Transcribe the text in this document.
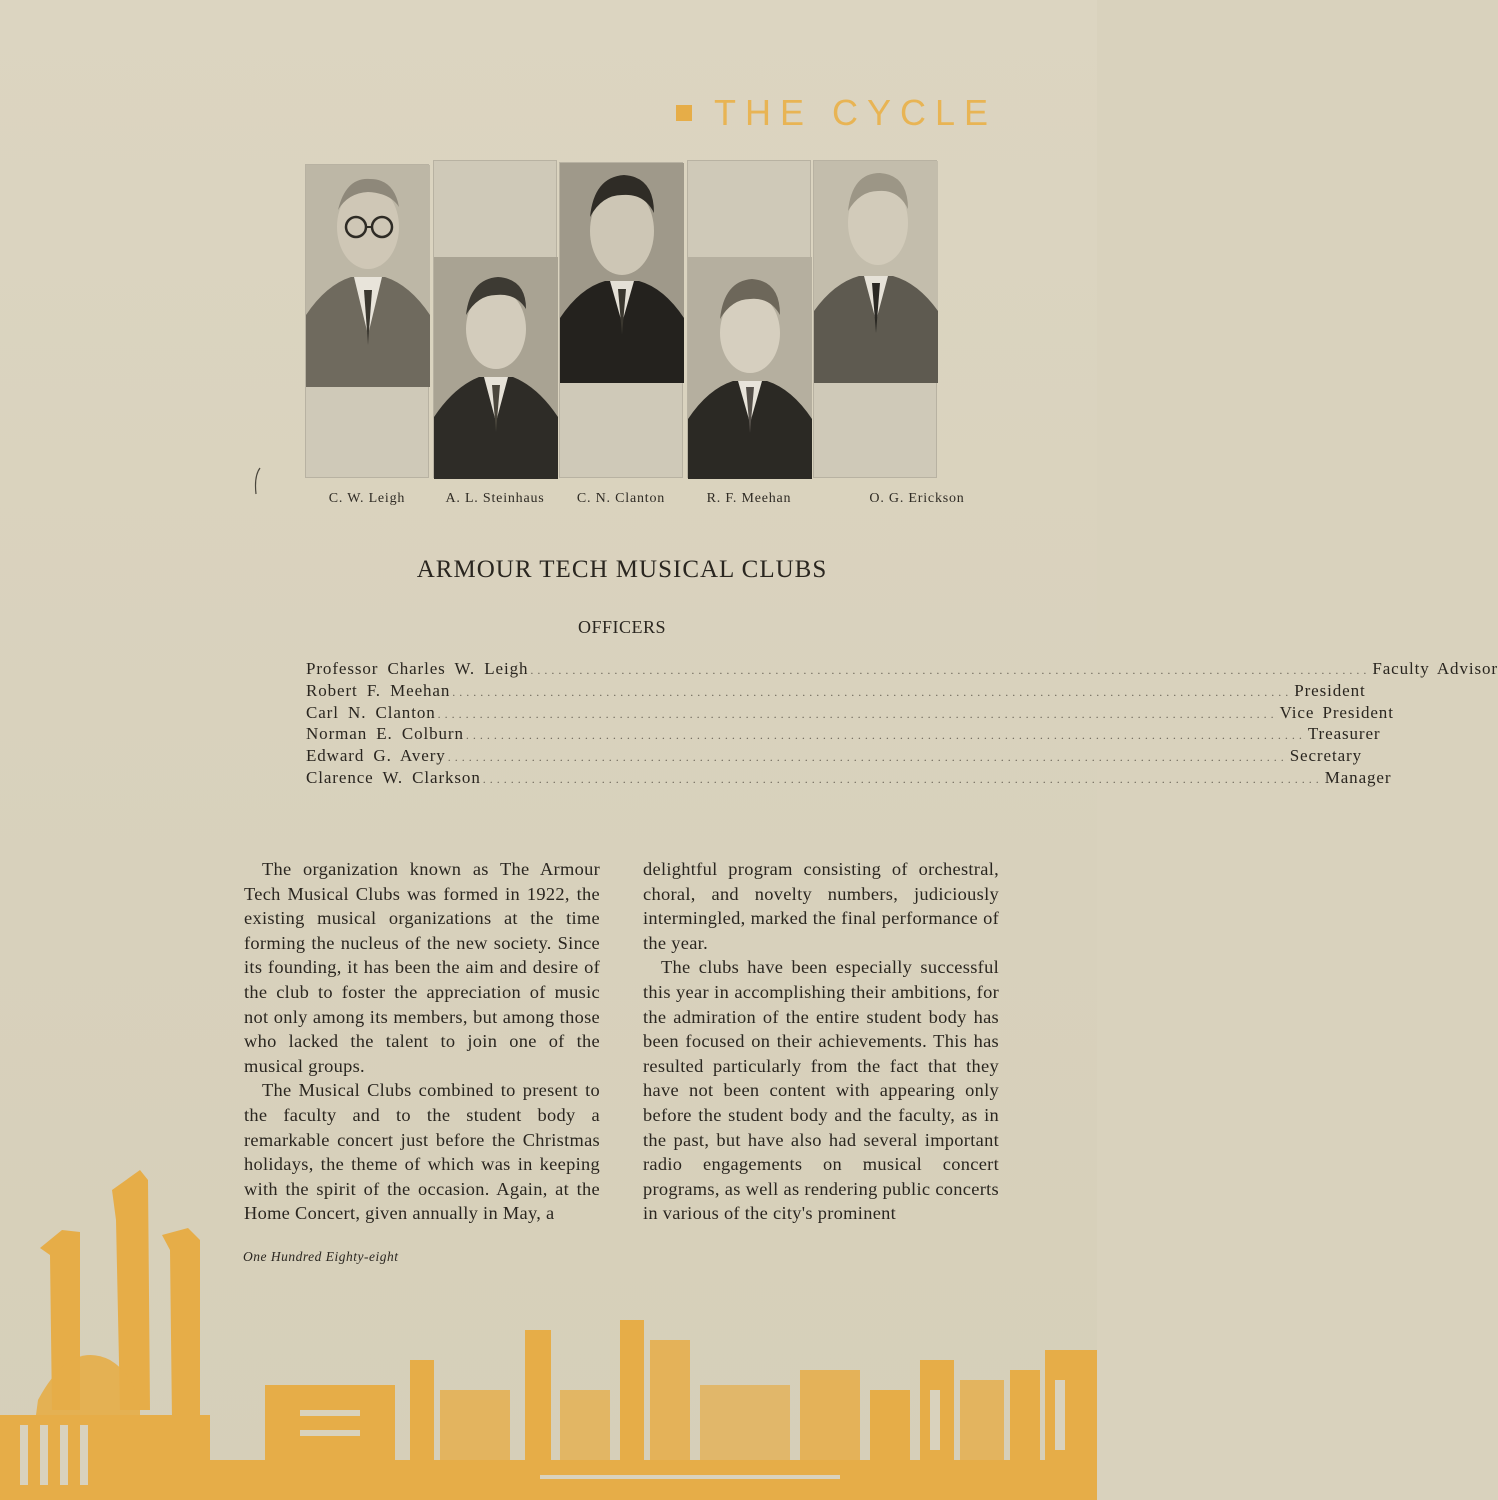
THE CYCLE
C. W. Leigh	A. L. Steinhaus	C. N. Clanton	R. F. Meehan	O. G. Erickson
ARMOUR TECH MUSICAL CLUBS
OFFICERS
Professor Charles W. Leigh ........................................................................................................................ Faculty Advisor
Robert F. Meehan ........................................................................................................................ President
Carl N. Clanton ........................................................................................................................ Vice President
Norman E. Colburn ........................................................................................................................ Treasurer
Edward G. Avery ........................................................................................................................ Secretary
Clarence W. Clarkson ........................................................................................................................ Manager

The organization known as The Armour Tech Musical Clubs was formed in 1922, the existing musical organizations at the time forming the nucleus of the new society. Since its founding, it has been the aim and desire of the club to foster the appreciation of music not only among its members, but among those who lacked the talent to join one of the musical groups.

The Musical Clubs combined to present to the faculty and to the student body a remarkable concert just before the Christmas holidays, the theme of which was in keeping with the spirit of the occasion. Again, at the Home Concert, given annually in May, a

delightful program consisting of orchestral, choral, and novelty numbers, judiciously intermingled, marked the final performance of the year.

The clubs have been especially successful this year in accomplishing their ambitions, for the admiration of the entire student body has been focused on their achievements. This has resulted particularly from the fact that they have not been content with appearing only before the student body and the faculty, as in the past, but have also had several important radio engagements on musical concert programs, as well as rendering public concerts in various of the city's prominent

One Hundred Eighty-eight
